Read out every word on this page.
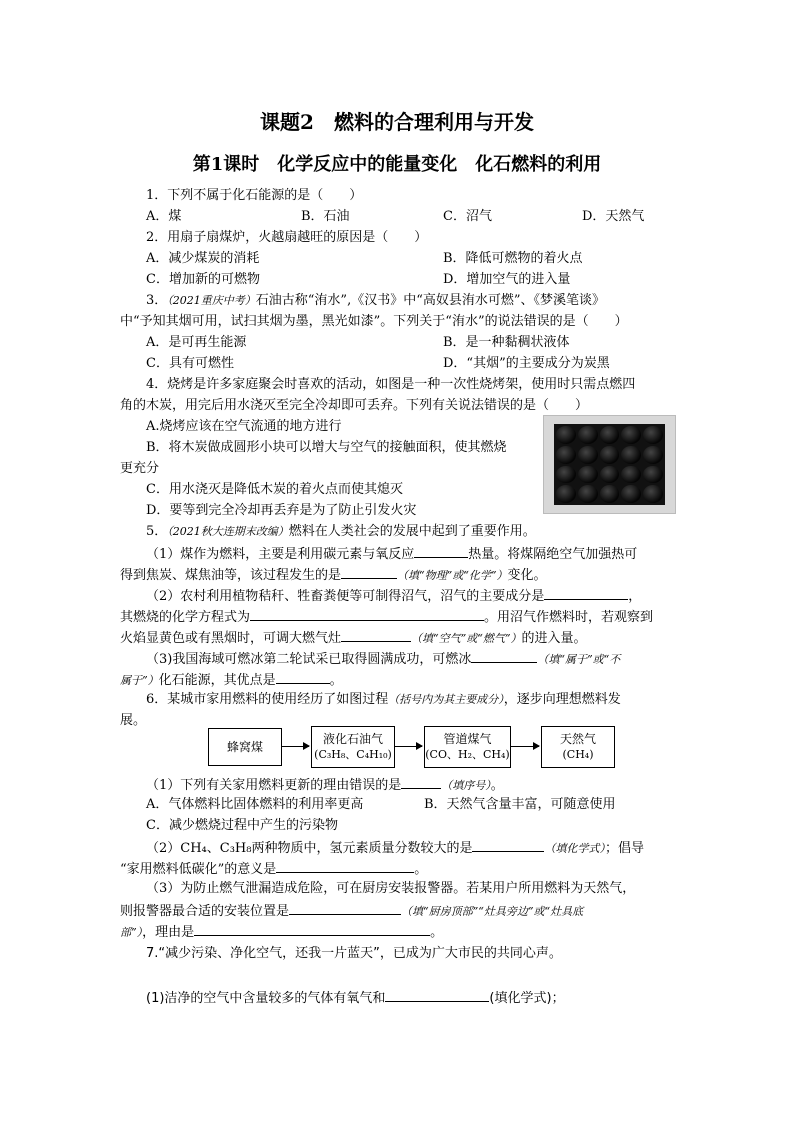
课题2　燃料的合理利用与开发
第1课时　化学反应中的能量变化　化石燃料的利用
1．下列不属于化石能源的是（　　）
A．煤	B．石油	C．沼气	D．天然气
2．用扇子扇煤炉，火越扇越旺的原因是（　　）
A．减少煤炭的消耗	B．降低可燃物的着火点
C．增加新的可燃物	D．增加空气的进入量
3．（2021重庆中考）石油古称“洧水”,《汉书》中“高奴县洧水可燃”、《梦溪笔谈》
中“予知其烟可用，试扫其烟为墨，黑光如漆”。下列关于“洧水”的说法错误的是（　　）
A．是可再生能源	B．是一种黏稠状液体
C．具有可燃性	D．“其烟”的主要成分为炭黑
4．烧烤是许多家庭聚会时喜欢的活动，如图是一种一次性烧烤架，使用时只需点燃四
角的木炭，用完后用水浇灭至完全冷却即可丢弃。下列有关说法错误的是（　　）
A.烧烤应该在空气流通的地方进行
B．将木炭做成圆形小块可以增大与空气的接触面积，使其燃烧
更充分
C．用水浇灭是降低木炭的着火点而使其熄灭
D．要等到完全冷却再丢弃是为了防止引发火灾
5．（2021秋大连期末改编）燃料在人类社会的发展中起到了重要作用。
（1）煤作为燃料，主要是利用碳元素与氧反应	热量。将煤隔绝空气加强热可
得到焦炭、煤焦油等，该过程发生的是	（填“物理”或“化学”）变化。
（2）农村利用植物秸秆、牲畜粪便等可制得沼气，沼气的主要成分是	，
其燃烧的化学方程式为	。用沼气作燃料时，若观察到
火焰显黄色或有黑烟时，可调大燃气灶	（填“空气”或“燃气”）的进入量。
（3)我国海域可燃冰第二轮试采已取得圆满成功，可燃冰	（填“属于”或“不
属于”）化石能源，其优点是	。
6．某城市家用燃料的使用经历了如图过程（括号内为其主要成分），逐步向理想燃料发
展。
蜂窝煤
液化石油气
(C₃H₈、C₄H₁₀)
管道煤气
(CO、H₂、CH₄)
天然气
(CH₄)
（1）下列有关家用燃料更新的理由错误的是	（填序号）。
A．气体燃料比固体燃料的利用率更高	B．天然气含量丰富，可随意使用
C．减少燃烧过程中产生的污染物
（2）CH₄、C₃H₈两种物质中，氢元素质量分数较大的是	（填化学式）；倡导
“家用燃料低碳化”的意义是	。
（3）为防止燃气泄漏造成危险，可在厨房安装报警器。若某用户所用燃料为天然气，
则报警器最合适的安装位置是	（填“厨房顶部”“灶具旁边”或“灶具底
部”），理由是	。
7.“减少污染、净化空气，还我一片蓝天”，已成为广大市民的共同心声。
(1)洁净的空气中含量较多的气体有氧气和	(填化学式)；
